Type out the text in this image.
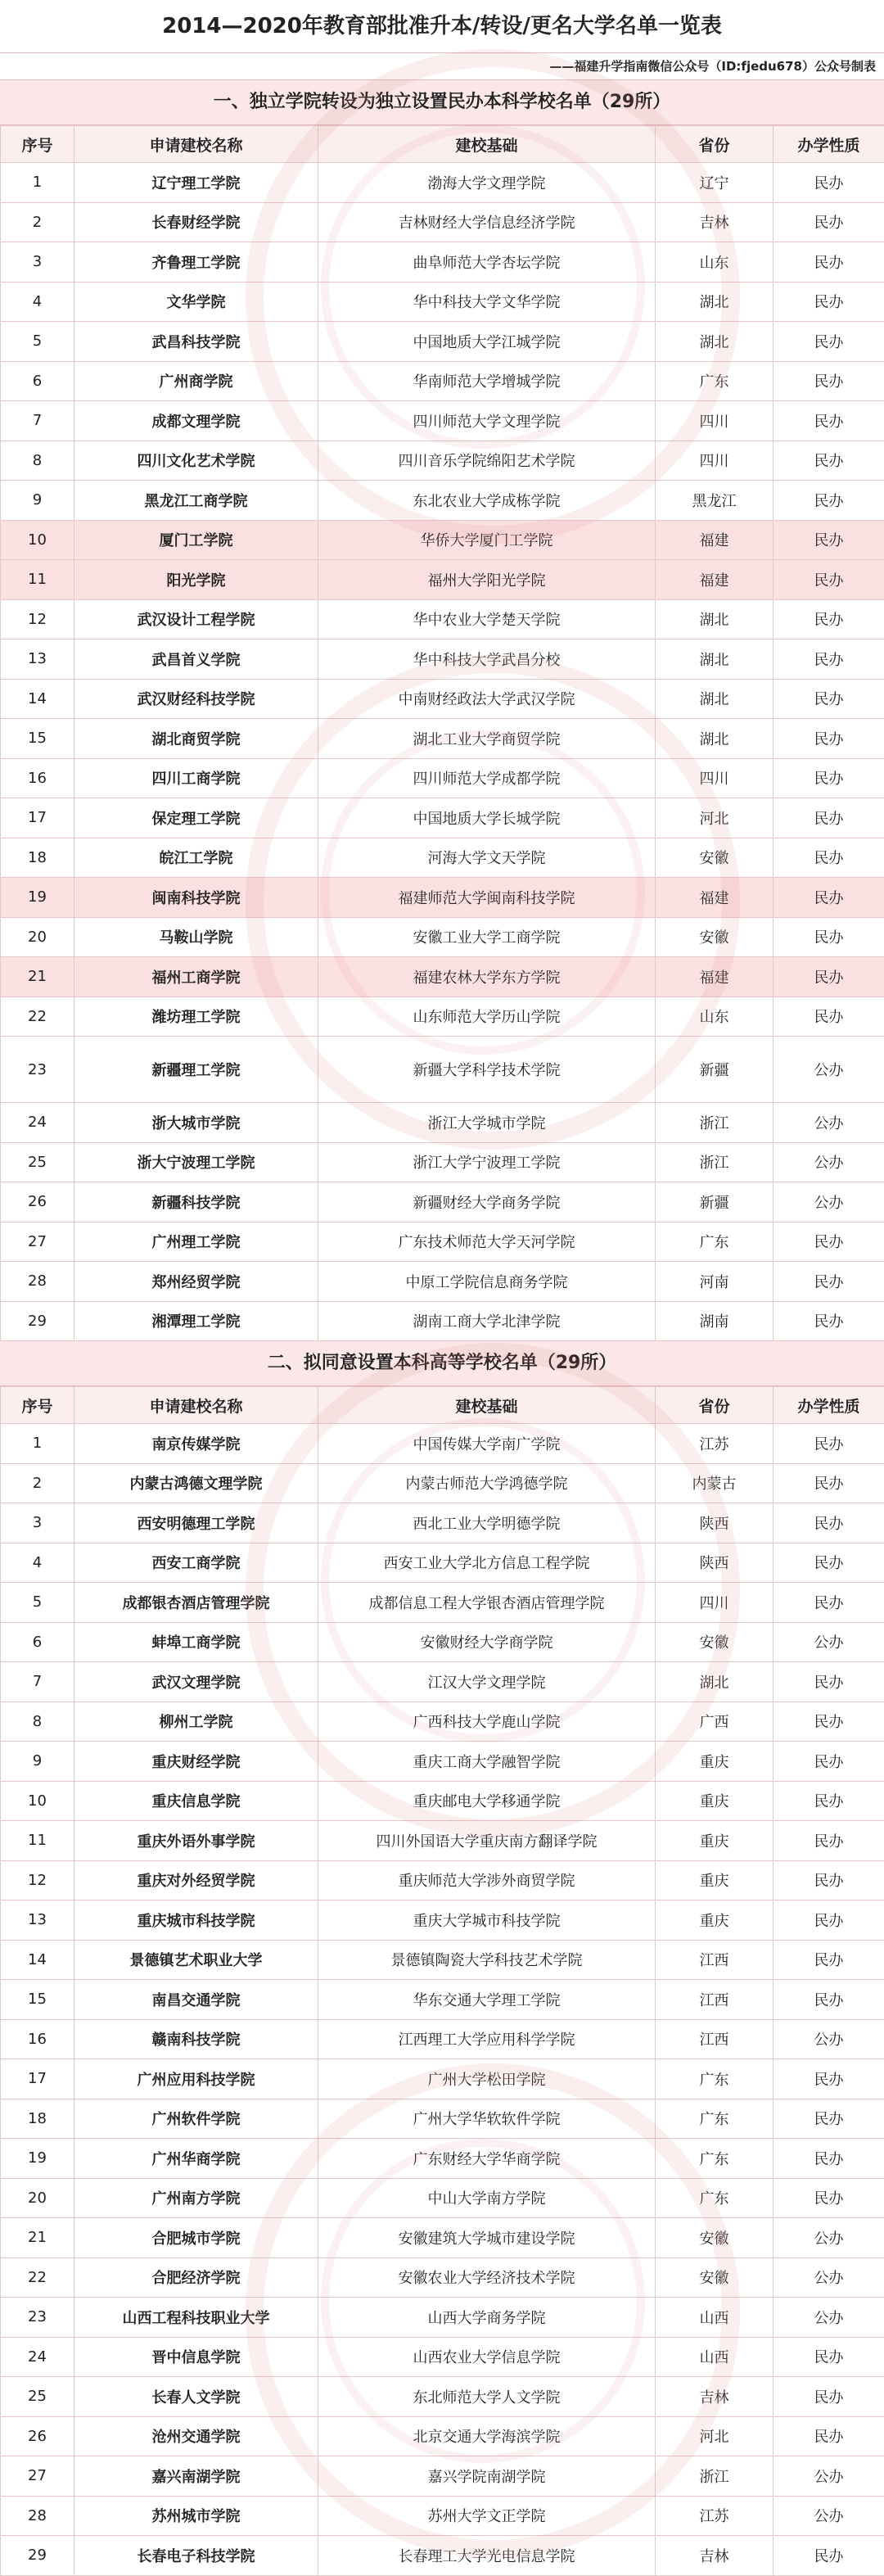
2014—2020年教育部批准升本/转设/更名大学名单一览表
——福建升学指南微信公众号（ID:fjedu678）公众号制表
一、独立学院转设为独立设置民办本科学校名单（29所）
序号	申请建校名称	建校基础	省份	办学性质
1	辽宁理工学院	渤海大学文理学院	辽宁	民办
2	长春财经学院	吉林财经大学信息经济学院	吉林	民办
3	齐鲁理工学院	曲阜师范大学杏坛学院	山东	民办
4	文华学院	华中科技大学文华学院	湖北	民办
5	武昌科技学院	中国地质大学江城学院	湖北	民办
6	广州商学院	华南师范大学增城学院	广东	民办
7	成都文理学院	四川师范大学文理学院	四川	民办
8	四川文化艺术学院	四川音乐学院绵阳艺术学院	四川	民办
9	黑龙江工商学院	东北农业大学成栋学院	黑龙江	民办
10	厦门工学院	华侨大学厦门工学院	福建	民办
11	阳光学院	福州大学阳光学院	福建	民办
12	武汉设计工程学院	华中农业大学楚天学院	湖北	民办
13	武昌首义学院	华中科技大学武昌分校	湖北	民办
14	武汉财经科技学院	中南财经政法大学武汉学院	湖北	民办
15	湖北商贸学院	湖北工业大学商贸学院	湖北	民办
16	四川工商学院	四川师范大学成都学院	四川	民办
17	保定理工学院	中国地质大学长城学院	河北	民办
18	皖江工学院	河海大学文天学院	安徽	民办
19	闽南科技学院	福建师范大学闽南科技学院	福建	民办
20	马鞍山学院	安徽工业大学工商学院	安徽	民办
21	福州工商学院	福建农林大学东方学院	福建	民办
22	潍坊理工学院	山东师范大学历山学院	山东	民办
23	新疆理工学院	新疆大学科学技术学院	新疆	公办
24	浙大城市学院	浙江大学城市学院	浙江	公办
25	浙大宁波理工学院	浙江大学宁波理工学院	浙江	公办
26	新疆科技学院	新疆财经大学商务学院	新疆	公办
27	广州理工学院	广东技术师范大学天河学院	广东	民办
28	郑州经贸学院	中原工学院信息商务学院	河南	民办
29	湘潭理工学院	湖南工商大学北津学院	湖南	民办
二、拟同意设置本科高等学校名单（29所）
序号	申请建校名称	建校基础	省份	办学性质
1	南京传媒学院	中国传媒大学南广学院	江苏	民办
2	内蒙古鸿德文理学院	内蒙古师范大学鸿德学院	内蒙古	民办
3	西安明德理工学院	西北工业大学明德学院	陕西	民办
4	西安工商学院	西安工业大学北方信息工程学院	陕西	民办
5	成都银杏酒店管理学院	成都信息工程大学银杏酒店管理学院	四川	民办
6	蚌埠工商学院	安徽财经大学商学院	安徽	公办
7	武汉文理学院	江汉大学文理学院	湖北	民办
8	柳州工学院	广西科技大学鹿山学院	广西	民办
9	重庆财经学院	重庆工商大学融智学院	重庆	民办
10	重庆信息学院	重庆邮电大学移通学院	重庆	民办
11	重庆外语外事学院	四川外国语大学重庆南方翻译学院	重庆	民办
12	重庆对外经贸学院	重庆师范大学涉外商贸学院	重庆	民办
13	重庆城市科技学院	重庆大学城市科技学院	重庆	民办
14	景德镇艺术职业大学	景德镇陶瓷大学科技艺术学院	江西	民办
15	南昌交通学院	华东交通大学理工学院	江西	民办
16	赣南科技学院	江西理工大学应用科学学院	江西	公办
17	广州应用科技学院	广州大学松田学院	广东	民办
18	广州软件学院	广州大学华软软件学院	广东	民办
19	广州华商学院	广东财经大学华商学院	广东	民办
20	广州南方学院	中山大学南方学院	广东	民办
21	合肥城市学院	安徽建筑大学城市建设学院	安徽	公办
22	合肥经济学院	安徽农业大学经济技术学院	安徽	公办
23	山西工程科技职业大学	山西大学商务学院	山西	公办
24	晋中信息学院	山西农业大学信息学院	山西	民办
25	长春人文学院	东北师范大学人文学院	吉林	民办
26	沧州交通学院	北京交通大学海滨学院	河北	民办
27	嘉兴南湖学院	嘉兴学院南湖学院	浙江	公办
28	苏州城市学院	苏州大学文正学院	江苏	公办
29	长春电子科技学院	长春理工大学光电信息学院	吉林	民办
